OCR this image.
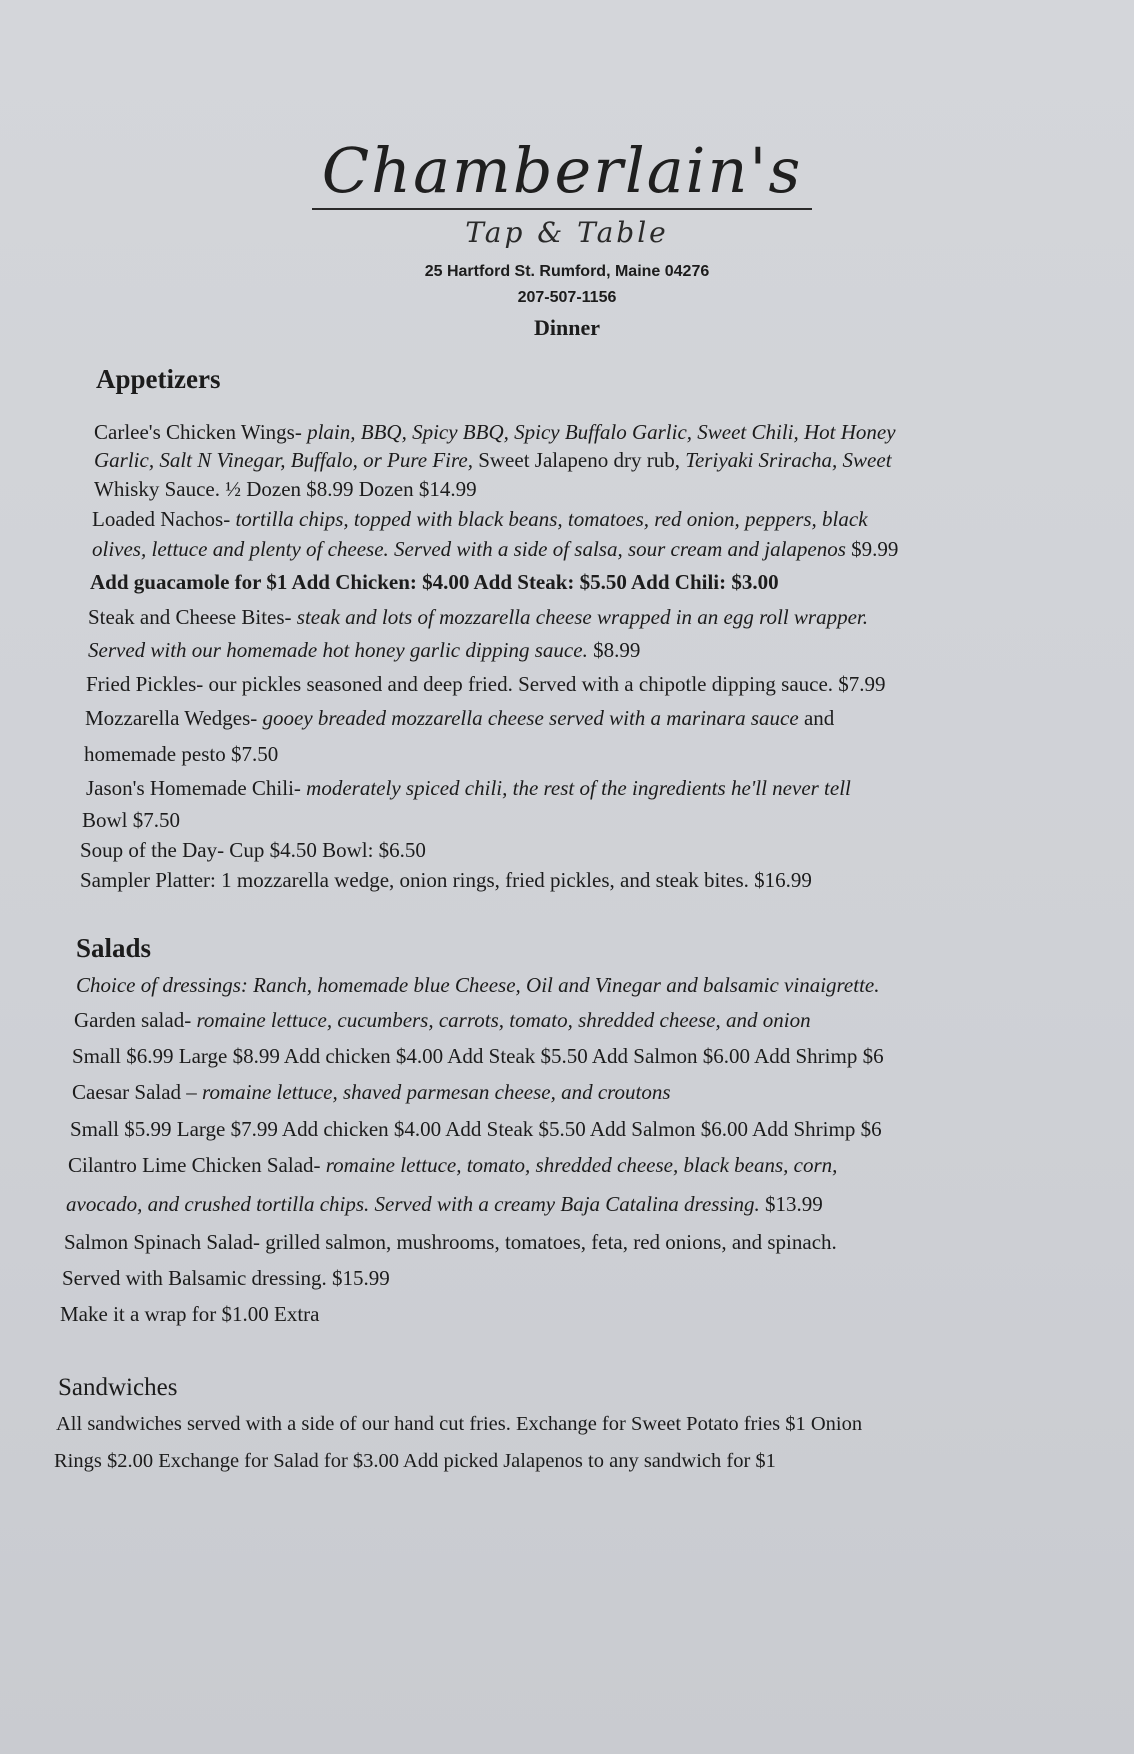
Chamberlain's
Tap & Table
25 Hartford St. Rumford, Maine 04276
207-507-1156
Dinner
Appetizers
Carlee's Chicken Wings- plain, BBQ, Spicy BBQ, Spicy Buffalo Garlic, Sweet Chili, Hot Honey
Garlic, Salt N Vinegar, Buffalo, or Pure Fire, Sweet Jalapeno dry rub, Teriyaki Sriracha, Sweet
Whisky Sauce. ½ Dozen $8.99 Dozen $14.99
Loaded Nachos- tortilla chips, topped with black beans, tomatoes, red onion, peppers, black
olives, lettuce and plenty of cheese. Served with a side of salsa, sour cream and jalapenos $9.99
Add guacamole for $1 Add Chicken: $4.00 Add Steak: $5.50 Add Chili: $3.00
Steak and Cheese Bites- steak and lots of mozzarella cheese wrapped in an egg roll wrapper.
Served with our homemade hot honey garlic dipping sauce. $8.99
Fried Pickles- our pickles seasoned and deep fried. Served with a chipotle dipping sauce. $7.99
Mozzarella Wedges- gooey breaded mozzarella cheese served with a marinara sauce and
homemade pesto $7.50
Jason's Homemade Chili- moderately spiced chili, the rest of the ingredients he'll never tell
Bowl $7.50
Soup of the Day- Cup $4.50 Bowl: $6.50
Sampler Platter: 1 mozzarella wedge, onion rings, fried pickles, and steak bites. $16.99
Salads
Choice of dressings: Ranch, homemade blue Cheese, Oil and Vinegar and balsamic vinaigrette.
Garden salad- romaine lettuce, cucumbers, carrots, tomato, shredded cheese, and onion
Small $6.99 Large $8.99 Add chicken $4.00 Add Steak $5.50 Add Salmon $6.00 Add Shrimp $6
Caesar Salad – romaine lettuce, shaved parmesan cheese, and croutons
Small $5.99 Large $7.99 Add chicken $4.00 Add Steak $5.50 Add Salmon $6.00 Add Shrimp $6
Cilantro Lime Chicken Salad- romaine lettuce, tomato, shredded cheese, black beans, corn,
avocado, and crushed tortilla chips. Served with a creamy Baja Catalina dressing. $13.99
Salmon Spinach Salad- grilled salmon, mushrooms, tomatoes, feta, red onions, and spinach.
Served with Balsamic dressing. $15.99
Make it a wrap for $1.00 Extra
Sandwiches
All sandwiches served with a side of our hand cut fries. Exchange for Sweet Potato fries $1 Onion
Rings $2.00 Exchange for Salad for $3.00 Add picked Jalapenos to any sandwich for $1
